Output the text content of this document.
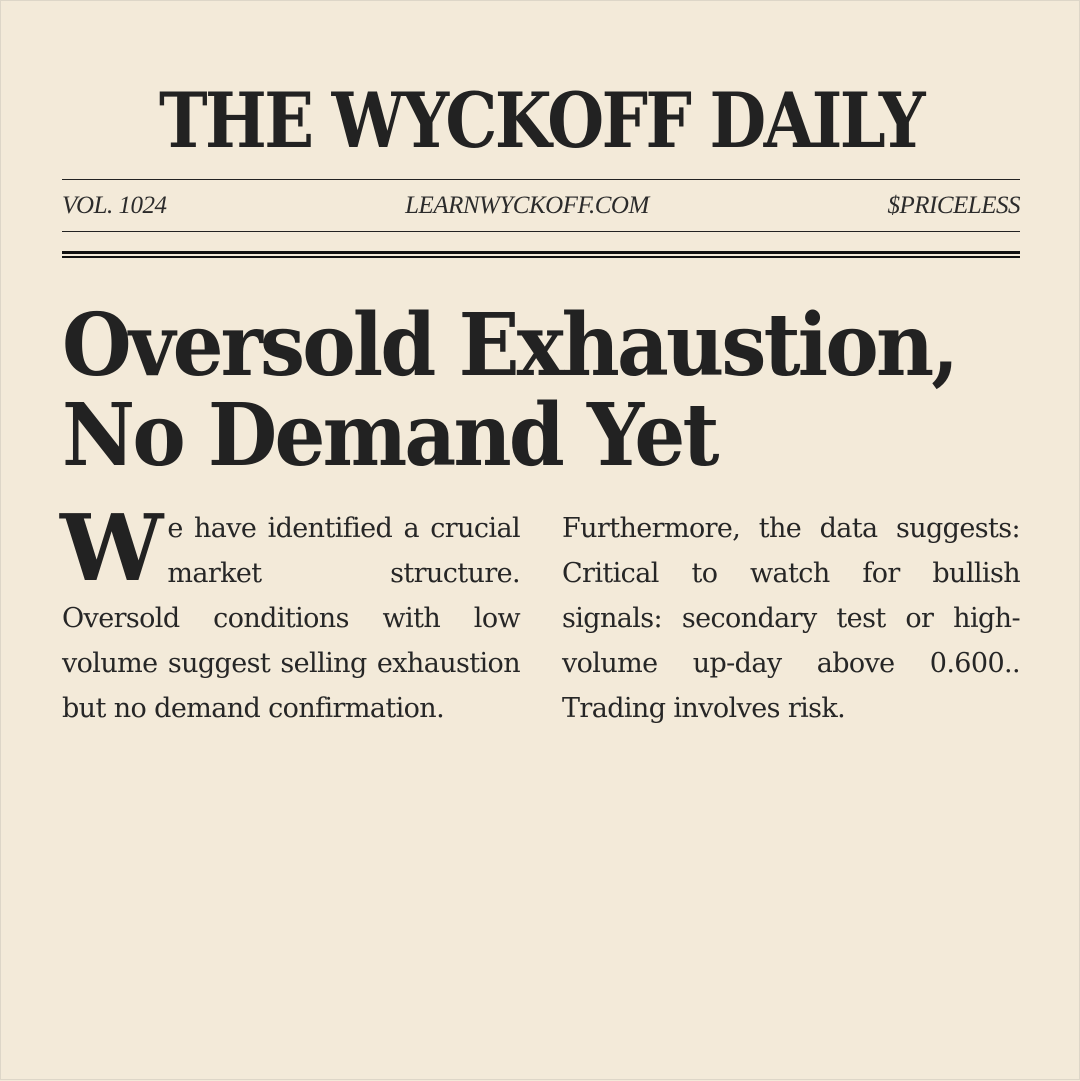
THE WYCKOFF DAILY
VOL. 1024	LEARNWYCKOFF.COM	$PRICELESS
Oversold Exhaustion, No Demand Yet

We have identified a crucial market structure. Oversold conditions with low volume suggest selling exhaustion but no demand confirmation.

Furthermore, the data suggests: Critical to watch for bullish signals: secondary test or high-volume up-day above 0.600.. Trading involves risk.
